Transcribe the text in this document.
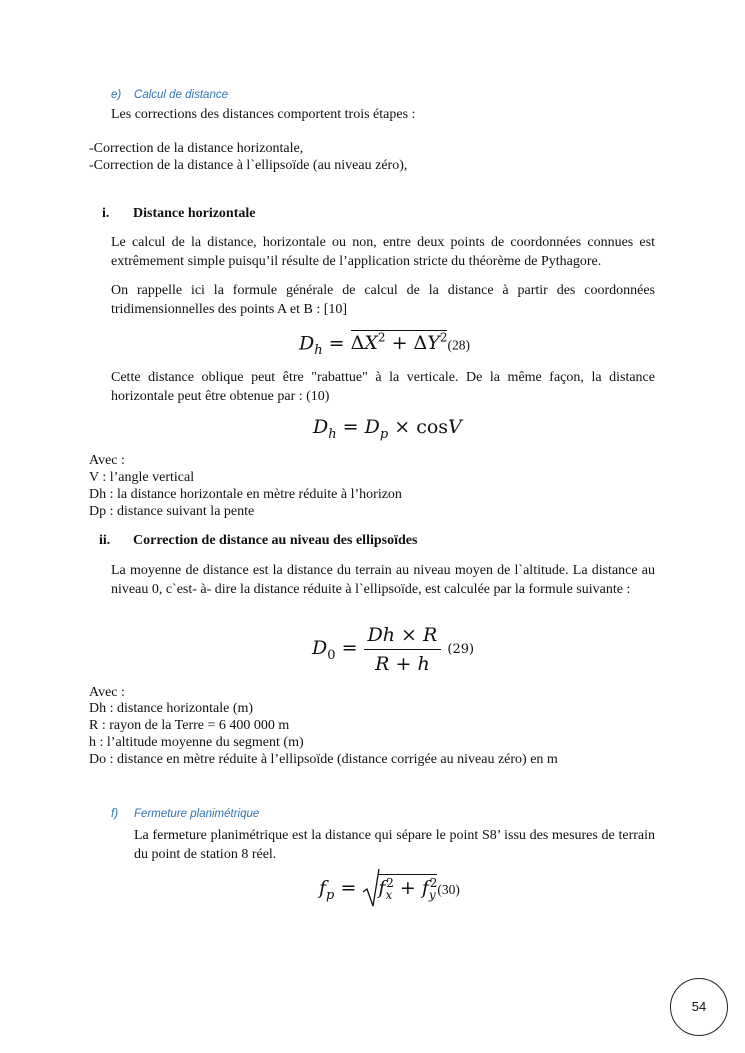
e) Calcul de distance
Les corrections des distances comportent trois étapes :
-Correction de la distance horizontale,
-Correction de la distance à l`ellipsoïde (au niveau zéro),
i. Distance horizontale
Le calcul de la distance, horizontale ou non, entre deux points de coordonnées connues est extrêmement simple puisqu’il résulte de l’application stricte du théorème de Pythagore.
On rappelle ici la formule générale de calcul de la distance à partir des coordonnées tridimensionnelles des points A et B : [10]
$D_h = \Delta X^2 + \Delta Y^2(28)$
Cette distance oblique peut être "rabattue" à la verticale. De la même façon, la distance horizontale peut être obtenue par : (10)
$D_h = D_p \times \cos V$
Avec :
V : l’angle vertical
Dh : la distance horizontale en mètre réduite à l’horizon
Dp : distance suivant la pente
ii. Correction de distance au niveau des ellipsoïdes
La moyenne de distance est la distance du terrain au niveau moyen de l`altitude. La distance au niveau 0, c`est- à- dire la distance réduite à l`ellipsoïde, est calculée par la formule suivante :
$D_0 = \frac{Dh \times R}{R + h} (29)$
Avec :
Dh : distance horizontale (m)
R : rayon de la Terre = 6 400 000 m
h : l’altitude moyenne du segment (m)
Do : distance en mètre réduite à l’ellipsoïde (distance corrigée au niveau zéro) en m
f) Fermeture planimétrique
La fermeture planimétrique est la distance qui sépare le point S8’ issu des mesures de terrain du point de station 8 réel.
$f_p = f_x^2 + f_y^2(30)$
54
